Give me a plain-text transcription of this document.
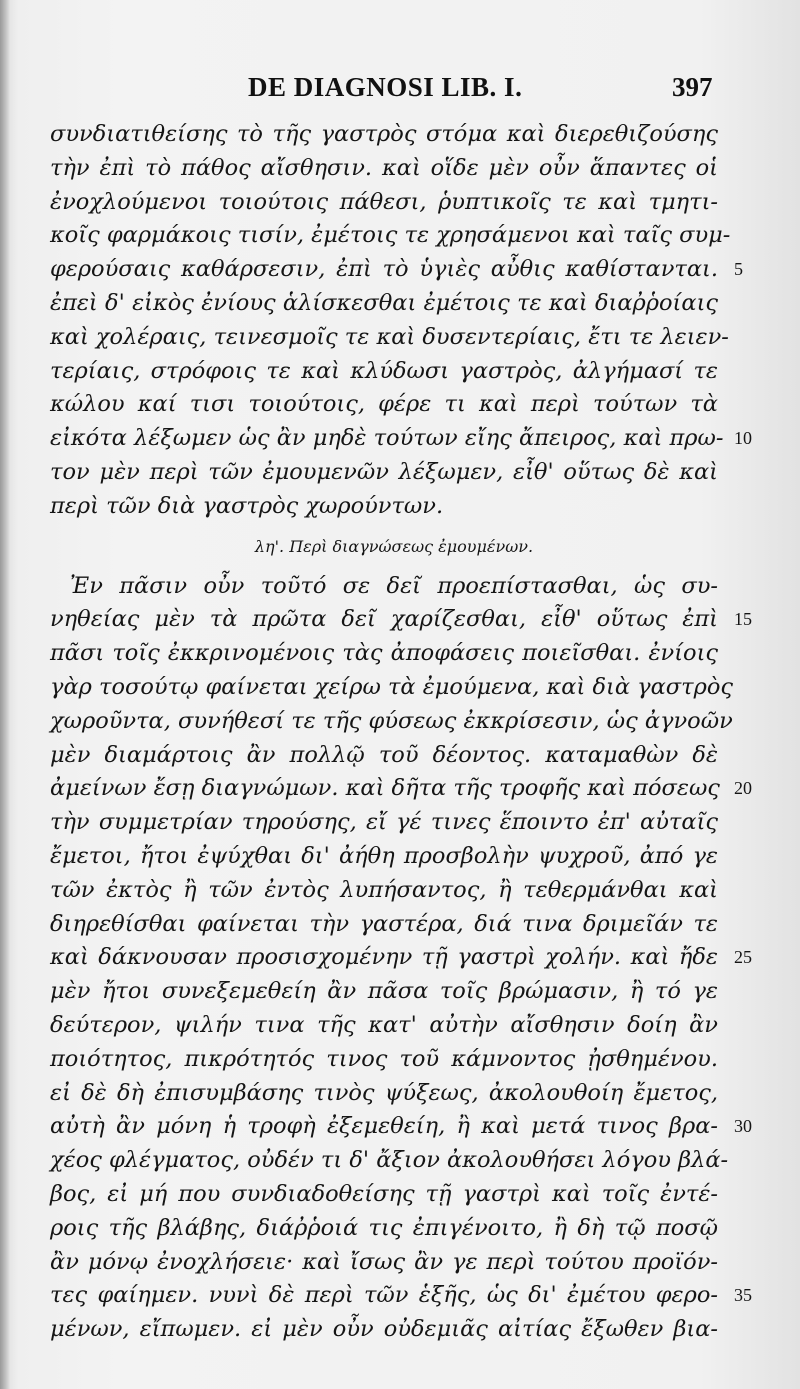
DE DIAGNOSI LIB. I.	397
συνδιατιθείσης τὸ τῆς γαστρὸς στόμα καὶ διερεθιζούσης
τὴν ἐπὶ τὸ πάθος αἴσθησιν. καὶ οἵδε μὲν οὖν ἅπαντες οἱ
ἐνοχλούμενοι τοιούτοις πάθεσι, ῥυπτικοῖς τε καὶ τμητι-
κοῖς φαρμάκοις τισίν, ἐμέτοις τε χρησάμενοι καὶ ταῖς συμ-
φερούσαις καθάρσεσιν, ἐπὶ τὸ ὑγιὲς αὖθις καθίστανται. 5
ἐπεὶ δ' εἰκὸς ἐνίους ἁλίσκεσθαι ἐμέτοις τε καὶ διαῤῥοίαις
καὶ χολέραις, τεινεσμοῖς τε καὶ δυσεντερίαις, ἔτι τε λειεν-
τερίαις, στρόφοις τε καὶ κλύδωσι γαστρὸς, ἀλγήμασί τε
κώλου καί τισι τοιούτοις, φέρε τι καὶ περὶ τούτων τὰ
εἰκότα λέξωμεν ὡς ἂν μηδὲ τούτων εἴης ἄπειρος, καὶ πρω- 10
τον μὲν περὶ τῶν ἐμουμενῶν λέξωμεν, εἶθ' οὕτως δὲ καὶ
περὶ τῶν διὰ γαστρὸς χωρούντων.
λη'. Περὶ διαγνώσεως ἐμουμένων.
Ἐν πᾶσιν οὖν τοῦτό σε δεῖ προεπίστασθαι, ὡς συ-
νηθείας μὲν τὰ πρῶτα δεῖ χαρίζεσθαι, εἶθ' οὕτως ἐπὶ 15
πᾶσι τοῖς ἐκκρινομένοις τὰς ἀποφάσεις ποιεῖσθαι. ἐνίοις
γὰρ τοσούτῳ φαίνεται χείρω τὰ ἐμούμενα, καὶ διὰ γαστρὸς
χωροῦντα, συνήθεσί τε τῆς φύσεως ἐκκρίσεσιν, ὡς ἀγνοῶν
μὲν διαμάρτοις ἂν πολλῷ τοῦ δέοντος. καταμαθὼν δὲ
ἀμείνων ἔσῃ διαγνώμων. καὶ δῆτα τῆς τροφῆς καὶ πόσεως 20
τὴν συμμετρίαν τηρούσης, εἴ γέ τινες ἕποιντο ἐπ' αὐταῖς
ἔμετοι, ἤτοι ἐψύχθαι δι' ἀήθη προσβολὴν ψυχροῦ, ἀπό γε
τῶν ἐκτὸς ἢ τῶν ἐντὸς λυπήσαντος, ἢ τεθερμάνθαι καὶ
διηρεθίσθαι φαίνεται τὴν γαστέρα, διά τινα δριμεῖάν τε
καὶ δάκνουσαν προσισχομένην τῇ γαστρὶ χολήν. καὶ ἤδε 25
μὲν ἤτοι συνεξεμεθείη ἂν πᾶσα τοῖς βρώμασιν, ἢ τό γε
δεύτερον, ψιλήν τινα τῆς κατ' αὐτὴν αἴσθησιν δοίη ἂν
ποιότητος, πικρότητός τινος τοῦ κάμνοντος ᾐσθημένου.
εἰ δὲ δὴ ἐπισυμβάσης τινὸς ψύξεως, ἀκολουθοίη ἔμετος,
αὐτὴ ἂν μόνη ἡ τροφὴ ἐξεμεθείη, ἢ καὶ μετά τινος βρα- 30
χέος φλέγματος, οὐδέν τι δ' ἄξιον ἀκολουθήσει λόγου βλά-
βος, εἰ μή που συνδιαδοθείσης τῇ γαστρὶ καὶ τοῖς ἐντέ-
ροις τῆς βλάβης, διάῤῥοιά τις ἐπιγένοιτο, ἢ δὴ τῷ ποσῷ
ἂν μόνῳ ἐνοχλήσειε· καὶ ἴσως ἂν γε περὶ τούτου προϊόν-
τες φαίημεν. νυνὶ δὲ περὶ τῶν ἑξῆς, ὡς δι' ἐμέτου φερο- 35
μένων, εἴπωμεν. εἰ μὲν οὖν οὐδεμιᾶς αἰτίας ἔξωθεν βια-
